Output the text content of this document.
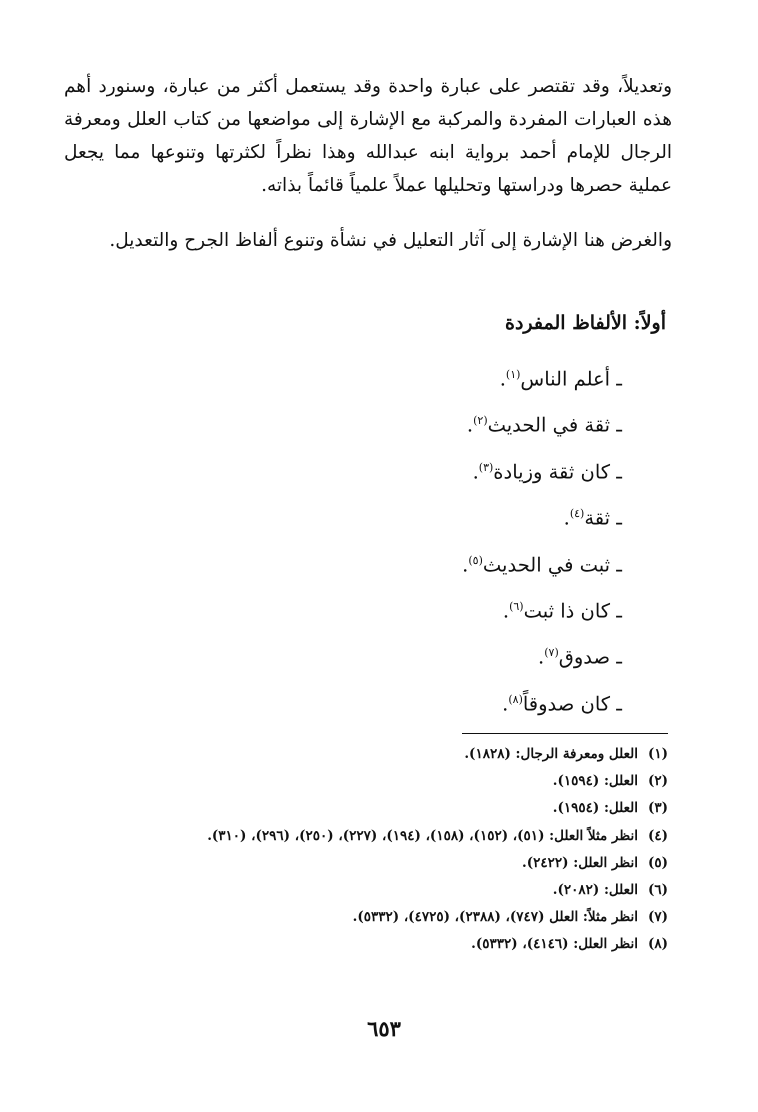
وتعديلاً، وقد تقتصر على عبارة واحدة وقد يستعمل أكثر من عبارة، وسنورد أهم هذه العبارات المفردة والمركبة مع الإشارة إلى مواضعها من كتاب العلل ومعرفة الرجال للإمام أحمد برواية ابنه عبدالله وهذا نظراً لكثرتها وتنوعها مما يجعل عملية حصرها ودراستها وتحليلها عملاً علمياً قائماً بذاته.

والغرض هنا الإشارة إلى آثار التعليل في نشأة وتنوع ألفاظ الجرح والتعديل.

أولاً: الألفاظ المفردة
ـ أعلم الناس$^{(١)}$.
ـ ثقة في الحديث$^{(٢)}$.
ـ كان ثقة وزيادة$^{(٣)}$.
ـ ثقة$^{(٤)}$.
ـ ثبت في الحديث$^{(٥)}$.
ـ كان ذا ثبت$^{(٦)}$.
ـ صدوق$^{(٧)}$.
ـ كان صدوقاً$^{(٨)}$.
(١)
العلل ومعرفة الرجال: (١٨٢٨).
(٢)
العلل: (١٥٩٤).
(٣)
العلل: (١٩٥٤).
(٤)
انظر مثلاً العلل: (٥١)، (١٥٢)، (١٥٨)، (١٩٤)، (٢٢٧)، (٢٥٠)، (٢٩٦)، (٣١٠).
(٥)
انظر العلل: (٢٤٢٢).
(٦)
العلل: (٢٠٨٢).
(٧)
انظر مثلاً: العلل (٧٤٧)، (٢٣٨٨)، (٤٧٢٥)، (٥٣٣٢).
(٨)
انظر العلل: (٤١٤٦)، (٥٣٣٢).
٦٥٣
